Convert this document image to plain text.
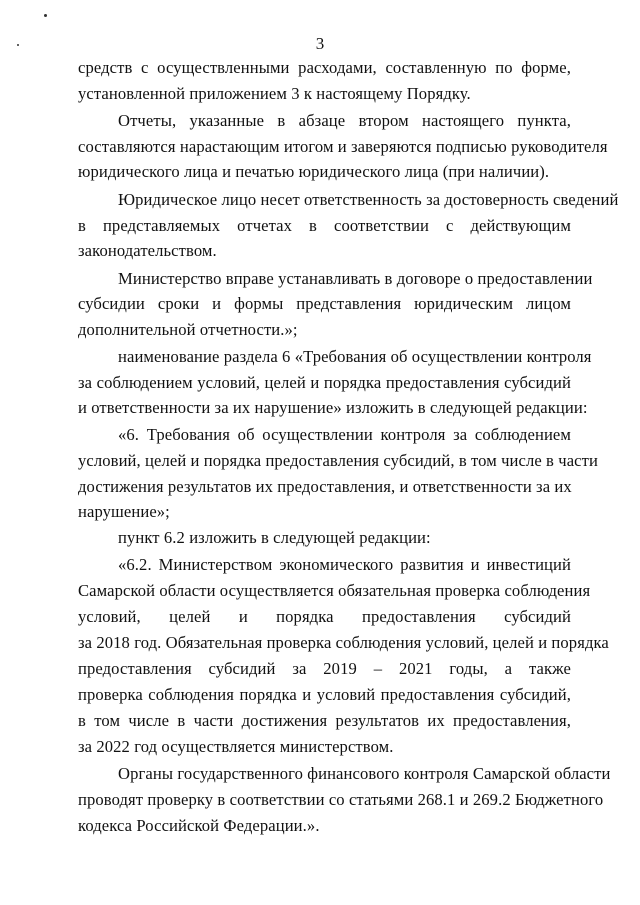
3
средств с осуществленными расходами, составленную по форме,
установленной приложением 3 к настоящему Порядку.
Отчеты, указанные в абзаце втором настоящего пункта,
составляются нарастающим итогом и заверяются подписью руководителя
юридического лица и печатью юридического лица (при наличии).
Юридическое лицо несет ответственность за достоверность сведений
в представляемых отчетах в соответствии с действующим
законодательством.
Министерство вправе устанавливать в договоре о предоставлении
субсидии сроки и формы представления юридическим лицом
дополнительной отчетности.»;
наименование раздела 6 «Требования об осуществлении контроля
за соблюдением условий, целей и порядка предоставления субсидий
и ответственности за их нарушение» изложить в следующей редакции:
«6. Требования об осуществлении контроля за соблюдением
условий, целей и порядка предоставления субсидий, в том числе в части
достижения результатов их предоставления, и ответственности за их
нарушение»;
пункт 6.2 изложить в следующей редакции:
«6.2. Министерством экономического развития и инвестиций
Самарской области осуществляется обязательная проверка соблюдения
условий, целей и порядка предоставления субсидий
за 2018 год. Обязательная проверка соблюдения условий, целей и порядка
предоставления субсидий за 2019 – 2021 годы, а также
проверка соблюдения порядка и условий предоставления субсидий,
в том числе в части достижения результатов их предоставления,
за 2022 год осуществляется министерством.
Органы государственного финансового контроля Самарской области
проводят проверку в соответствии со статьями 268.1 и 269.2 Бюджетного
кодекса Российской Федерации.».
